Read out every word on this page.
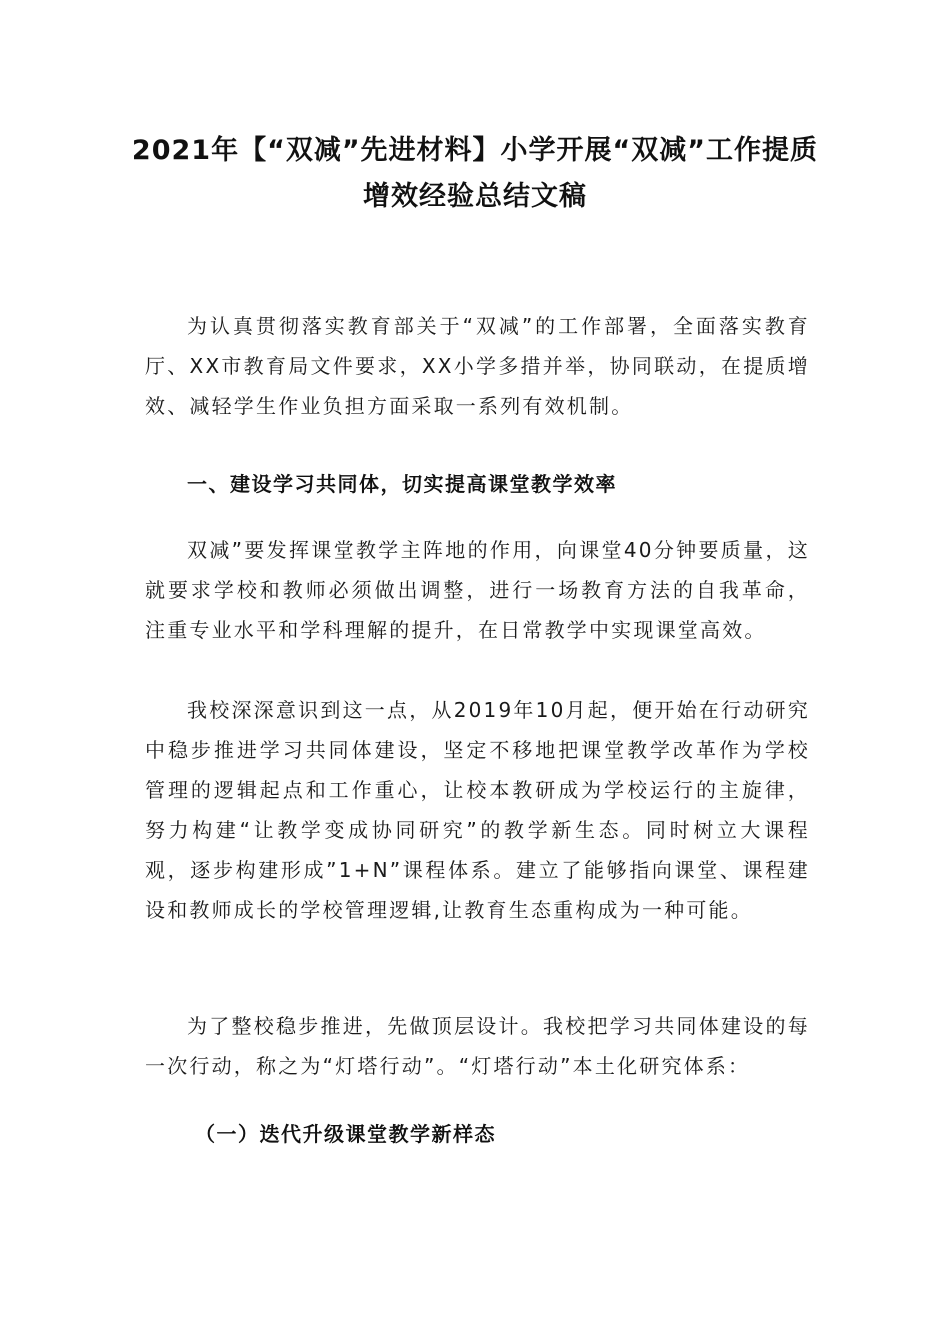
2021年【“双减”先进材料】小学开展“双减”工作提质增效经验总结文稿
为认真贯彻落实教育部关于“双减”的工作部署，全面落实教育厅、XX市教育局文件要求，XX小学多措并举，协同联动，在提质增效、减轻学生作业负担方面采取一系列有效机制。
一、建设学习共同体，切实提高课堂教学效率
双减”要发挥课堂教学主阵地的作用，向课堂40分钟要质量，这就要求学校和教师必须做出调整，进行一场教育方法的自我革命，注重专业水平和学科理解的提升，在日常教学中实现课堂高效。
我校深深意识到这一点，从2019年10月起，便开始在行动研究中稳步推进学习共同体建设，坚定不移地把课堂教学改革作为学校管理的逻辑起点和工作重心，让校本教研成为学校运行的主旋律，努力构建“让教学变成协同研究”的教学新生态。同时树立大课程观，逐步构建形成”1+N”课程体系。建立了能够指向课堂、课程建设和教师成长的学校管理逻辑,让教育生态重构成为一种可能。
为了整校稳步推进，先做顶层设计。我校把学习共同体建设的每一次行动，称之为“灯塔行动”。“灯塔行动”本土化研究体系：
（一）迭代升级课堂教学新样态
